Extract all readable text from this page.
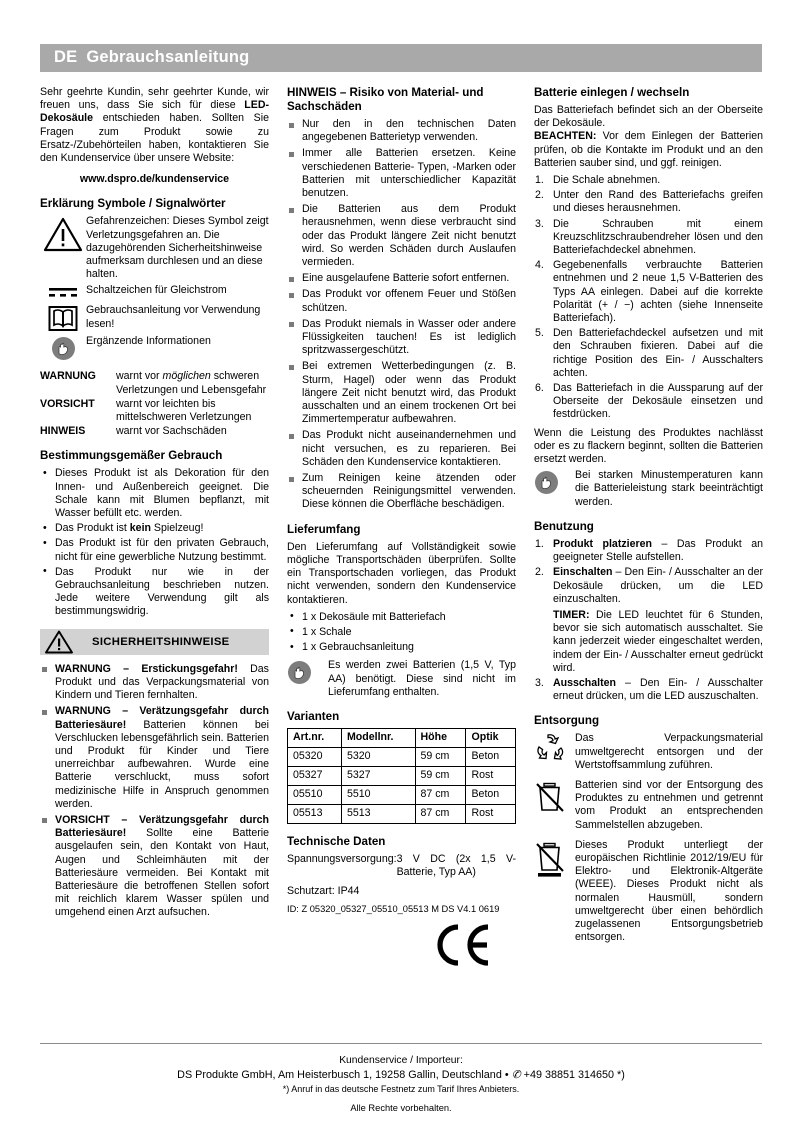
DE Gebrauchsanleitung

Sehr geehrte Kundin, sehr geehrter Kunde, wir freuen uns, dass Sie sich für diese LED-Dekosäule entschieden haben. Sollten Sie Fragen zum Produkt sowie zu Ersatz-/Zubehörteilen haben, kontaktieren Sie den Kundenservice über unsere Website:

www.dspro.de/kundenservice

Erklärung Symbole / Signalwörter
Gefahrenzeichen: Dieses Symbol zeigt Verletzungsgefahren an. Die dazugehörenden Sicherheitshinweise aufmerksam durchlesen und an diese halten.
Schaltzeichen für Gleichstrom
Gebrauchsanleitung vor Verwendung lesen!
Ergänzende Informationen
WARNUNG	warnt vor möglichen schweren Verletzungen und Lebensgefahr
VORSICHT	warnt vor leichten bis mittelschweren Verletzungen
HINWEIS	warnt vor Sachschäden
Bestimmungsgemäßer Gebrauch
• Dieses Produkt ist als Dekoration für den Innen- und Außenbereich geeignet. Die Schale kann mit Blumen bepflanzt, mit Wasser befüllt etc. werden.
• Das Produkt ist kein Spielzeug!
• Das Produkt ist für den privaten Gebrauch, nicht für eine gewerbliche Nutzung bestimmt.
• Das Produkt nur wie in der Gebrauchsanleitung beschrieben nutzen. Jede weitere Verwendung gilt als bestimmungswidrig.
SICHERHEITSHINWEISE
WARNUNG – Erstickungsgefahr! Das Produkt und das Verpackungsmaterial von Kindern und Tieren fernhalten.
WARNUNG – Verätzungsgefahr durch Batteriesäure! Batterien können bei Verschlucken lebensgefährlich sein. Batterien und Produkt für Kinder und Tiere unerreichbar aufbewahren. Wurde eine Batterie verschluckt, muss sofort medizinische Hilfe in Anspruch genommen werden.
VORSICHT – Verätzungsgefahr durch Batteriesäure! Sollte eine Batterie ausgelaufen sein, den Kontakt von Haut, Augen und Schleimhäuten mit der Batteriesäure vermeiden. Bei Kontakt mit Batteriesäure die betroffenen Stellen sofort mit reichlich klarem Wasser spülen und umgehend einen Arzt aufsuchen.
HINWEIS – Risiko von Material- und Sachschäden
Nur den in den technischen Daten angegebenen Batterietyp verwenden.
Immer alle Batterien ersetzen. Keine verschiedenen Batterie- Typen, -Marken oder Batterien mit unterschiedlicher Kapazität benutzen.
Die Batterien aus dem Produkt herausnehmen, wenn diese verbraucht sind oder das Produkt längere Zeit nicht benutzt wird. So werden Schäden durch Auslaufen vermieden.
Eine ausgelaufene Batterie sofort entfernen.
Das Produkt vor offenem Feuer und Stößen schützen.
Das Produkt niemals in Wasser oder andere Flüssigkeiten tauchen! Es ist lediglich spritzwassergeschützt.
Bei extremen Wetterbedingungen (z. B. Sturm, Hagel) oder wenn das Produkt längere Zeit nicht benutzt wird, das Produkt ausschalten und an einem trockenen Ort bei Zimmertemperatur aufbewahren.
Das Produkt nicht auseinandernehmen und nicht versuchen, es zu reparieren. Bei Schäden den Kundenservice kontaktieren.
Zum Reinigen keine ätzenden oder scheuernden Reinigungsmittel verwenden. Diese können die Oberfläche beschädigen.
Lieferumfang

Den Lieferumfang auf Vollständigkeit sowie mögliche Transportschäden überprüfen. Sollte ein Transportschaden vorliegen, das Produkt nicht verwenden, sondern den Kundenservice kontaktieren.

• 1 x Dekosäule mit Batteriefach
• 1 x Schale
• 1 x Gebrauchsanleitung
Es werden zwei Batterien (1,5 V, Typ AA) benötigt. Diese sind nicht im Lieferumfang enthalten.
Varianten
Art.nr.	Modellnr.	Höhe	Optik
05320	5320	59 cm	Beton
05327	5327	59 cm	Rost
05510	5510	87 cm	Beton
05513	5513	87 cm	Rost
Technische Daten
Spannungsversorgung: 3 V DC (2x 1,5 V-Batterie, Typ AA)
Schutzart: IP44
ID: Z 05320_05327_05510_05513 M DS V4.1 0619
Batterie einlegen / wechseln

Das Batteriefach befindet sich an der Oberseite der Dekosäule.

BEACHTEN: Vor dem Einlegen der Batterien prüfen, ob die Kontakte im Produkt und an den Batterien sauber sind, und ggf. reinigen.

Die Schale abnehmen.
Unter den Rand des Batteriefachs greifen und dieses herausnehmen.
Die Schrauben mit einem Kreuzschlitzschraubendreher lösen und den Batteriefachdeckel abnehmen.
Gegebenenfalls verbrauchte Batterien entnehmen und 2 neue 1,5 V-Batterien des Typs AA einlegen. Dabei auf die korrekte Polarität (+ / −) achten (siehe Innenseite Batteriefach).
Den Batteriefachdeckel aufsetzen und mit den Schrauben fixieren. Dabei auf die richtige Position des Ein- / Ausschalters achten.
Das Batteriefach in die Aussparung auf der Oberseite der Dekosäule einsetzen und festdrücken.

Wenn die Leistung des Produktes nachlässt oder es zu flackern beginnt, sollten die Batterien ersetzt werden.

Bei starken Minustemperaturen kann die Batterieleistung stark beeinträchtigt werden.
Benutzung
Produkt platzieren – Das Produkt an geeigneter Stelle aufstellen.
Einschalten – Den Ein- / Ausschalter an der Dekosäule drücken, um die LED einzuschalten.
TIMER: Die LED leuchtet für 6 Stunden, bevor sie sich automatisch ausschaltet. Sie kann jederzeit wieder eingeschaltet werden, indem der Ein- / Ausschalter erneut gedrückt wird.
Ausschalten – Den Ein- / Ausschalter erneut drücken, um die LED auszuschalten.
Entsorgung
Das Verpackungsmaterial umweltgerecht entsorgen und der Wertstoffsammlung zuführen.
Batterien sind vor der Entsorgung des Produktes zu entnehmen und getrennt vom Produkt an entsprechenden Sammelstellen abzugeben.
Dieses Produkt unterliegt der europäischen Richtlinie 2012/19/EU für Elektro- und Elektronik-Altgeräte (WEEE). Dieses Produkt nicht als normalen Hausmüll, sondern umweltgerecht über einen behördlich zugelassenen Entsorgungsbetrieb entsorgen.
Kundenservice / Importeur:
DS Produkte GmbH, Am Heisterbusch 1, 19258 Gallin, Deutschland • ✆ +49 38851 314650 *)
*) Anruf in das deutsche Festnetz zum Tarif Ihres Anbieters.
Alle Rechte vorbehalten.
